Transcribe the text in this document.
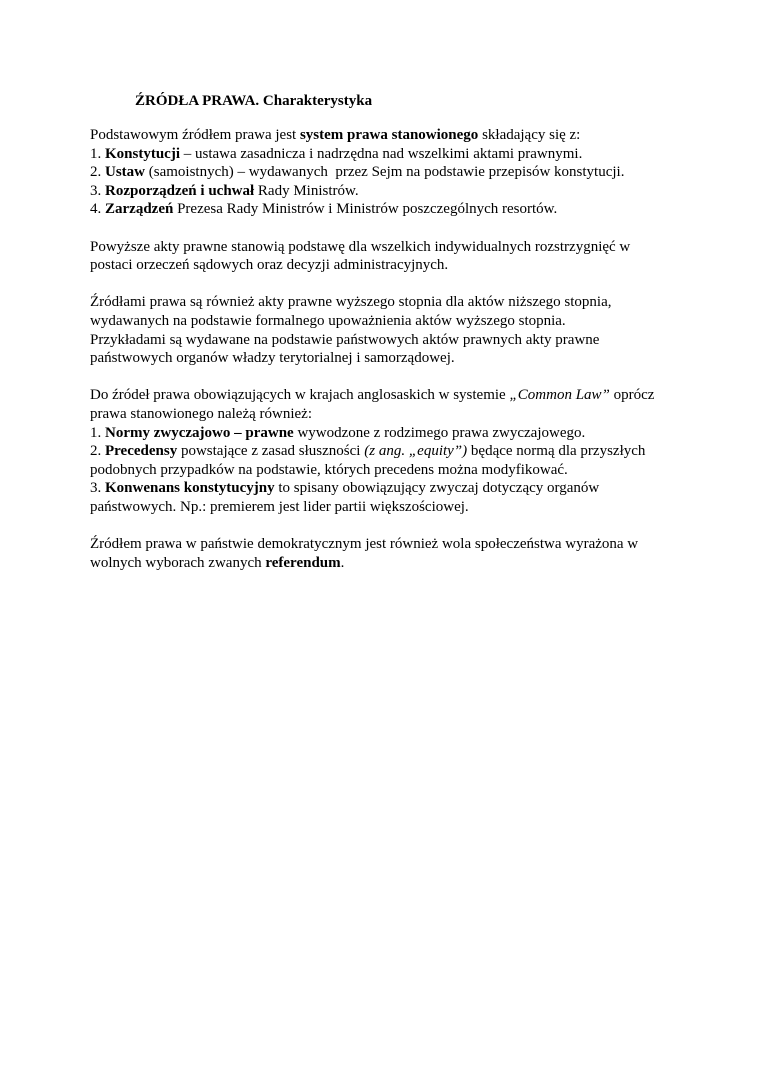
ŹRÓDŁA PRAWA. Charakterystyka
Podstawowym źródłem prawa jest system prawa stanowionego składający się z:
1. Konstytucji – ustawa zasadnicza i nadrzędna nad wszelkimi aktami prawnymi.
2. Ustaw (samoistnych) – wydawanych  przez Sejm na podstawie przepisów konstytucji.
3. Rozporządzeń i uchwał Rady Ministrów.
4. Zarządzeń Prezesa Rady Ministrów i Ministrów poszczególnych resortów.
Powyższe akty prawne stanowią podstawę dla wszelkich indywidualnych rozstrzygnięć w
postaci orzeczeń sądowych oraz decyzji administracyjnych.
Źródłami prawa są również akty prawne wyższego stopnia dla aktów niższego stopnia,
wydawanych na podstawie formalnego upoważnienia aktów wyższego stopnia.
Przykładami są wydawane na podstawie państwowych aktów prawnych akty prawne
państwowych organów władzy terytorialnej i samorządowej.
Do źródeł prawa obowiązujących w krajach anglosaskich w systemie „Common Law” oprócz
prawa stanowionego należą również:
1. Normy zwyczajowo – prawne wywodzone z rodzimego prawa zwyczajowego.
2. Precedensy powstające z zasad słuszności (z ang. „equity”) będące normą dla przyszłych
podobnych przypadków na podstawie, których precedens można modyfikować.
3. Konwenans konstytucyjny to spisany obowiązujący zwyczaj dotyczący organów
państwowych. Np.: premierem jest lider partii większościowej.
Źródłem prawa w państwie demokratycznym jest również wola społeczeństwa wyrażona w
wolnych wyborach zwanych referendum.
